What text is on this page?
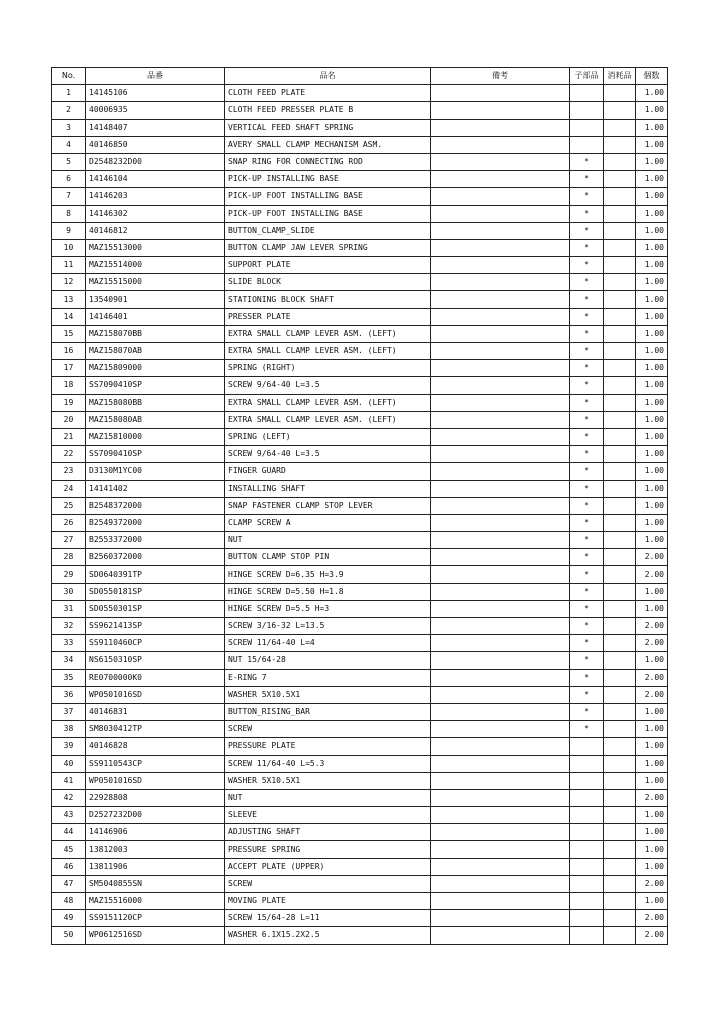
No.	品番	品名	備考	子部品	消耗品	個数
1	14145106	CLOTH FEED PLATE				1.00
2	40006935	CLOTH FEED PRESSER PLATE B				1.00
3	14148407	VERTICAL FEED SHAFT SPRING				1.00
4	40146850	AVERY SMALL CLAMP MECHANISM ASM.				1.00
5	D2548232D00	SNAP RING FOR CONNECTING ROD		*		1.00
6	14146104	PICK-UP INSTALLING BASE		*		1.00
7	14146203	PICK-UP FOOT INSTALLING BASE		*		1.00
8	14146302	PICK-UP FOOT INSTALLING BASE		*		1.00
9	40146812	BUTTON_CLAMP_SLIDE		*		1.00
10	MAZ15513000	BUTTON CLAMP JAW LEVER SPRING		*		1.00
11	MAZ15514000	SUPPORT PLATE		*		1.00
12	MAZ15515000	SLIDE BLOCK		*		1.00
13	13540901	STATIONING BLOCK SHAFT		*		1.00
14	14146401	PRESSER PLATE		*		1.00
15	MAZ158070BB	EXTRA SMALL CLAMP LEVER ASM. (LEFT)		*		1.00
16	MAZ158070AB	EXTRA SMALL CLAMP LEVER ASM. (LEFT)		*		1.00
17	MAZ15809000	SPRING (RIGHT)		*		1.00
18	SS7090410SP	SCREW 9/64-40 L=3.5		*		1.00
19	MAZ158080BB	EXTRA SMALL CLAMP LEVER ASM. (LEFT)		*		1.00
20	MAZ158080AB	EXTRA SMALL CLAMP LEVER ASM. (LEFT)		*		1.00
21	MAZ15810000	SPRING (LEFT)		*		1.00
22	SS7090410SP	SCREW 9/64-40 L=3.5		*		1.00
23	D3130M1YC00	FINGER GUARD		*		1.00
24	14141402	INSTALLING SHAFT		*		1.00
25	B2548372000	SNAP FASTENER CLAMP STOP LEVER		*		1.00
26	B2549372000	CLAMP SCREW A		*		1.00
27	B2553372000	NUT		*		1.00
28	B2560372000	BUTTON CLAMP STOP PIN		*		2.00
29	SD0640391TP	HINGE SCREW D=6.35 H=3.9		*		2.00
30	SD0550181SP	HINGE SCREW D=5.50 H=1.8		*		1.00
31	SD0550301SP	HINGE SCREW D=5.5 H=3		*		1.00
32	SS9621413SP	SCREW 3/16-32 L=13.5		*		2.00
33	SS9110460CP	SCREW 11/64-40 L=4		*		2.00
34	NS6150310SP	NUT 15/64-28		*		1.00
35	RE0700000K0	E-RING 7		*		2.00
36	WP0501016SD	WASHER 5X10.5X1		*		2.00
37	40146831	BUTTON_RISING_BAR		*		1.00
38	SM8030412TP	SCREW		*		1.00
39	40146828	PRESSURE PLATE				1.00
40	SS9110543CP	SCREW 11/64-40 L=5.3				1.00
41	WP0501016SD	WASHER 5X10.5X1				1.00
42	22928808	NUT				2.00
43	D2527232D00	SLEEVE				1.00
44	14146906	ADJUSTING SHAFT				1.00
45	13812003	PRESSURE SPRING				1.00
46	13811906	ACCEPT PLATE (UPPER)				1.00
47	SM5040855SN	SCREW				2.00
48	MAZ15516000	MOVING PLATE				1.00
49	SS9151120CP	SCREW 15/64-28 L=11				2.00
50	WP0612516SD	WASHER 6.1X15.2X2.5				2.00
